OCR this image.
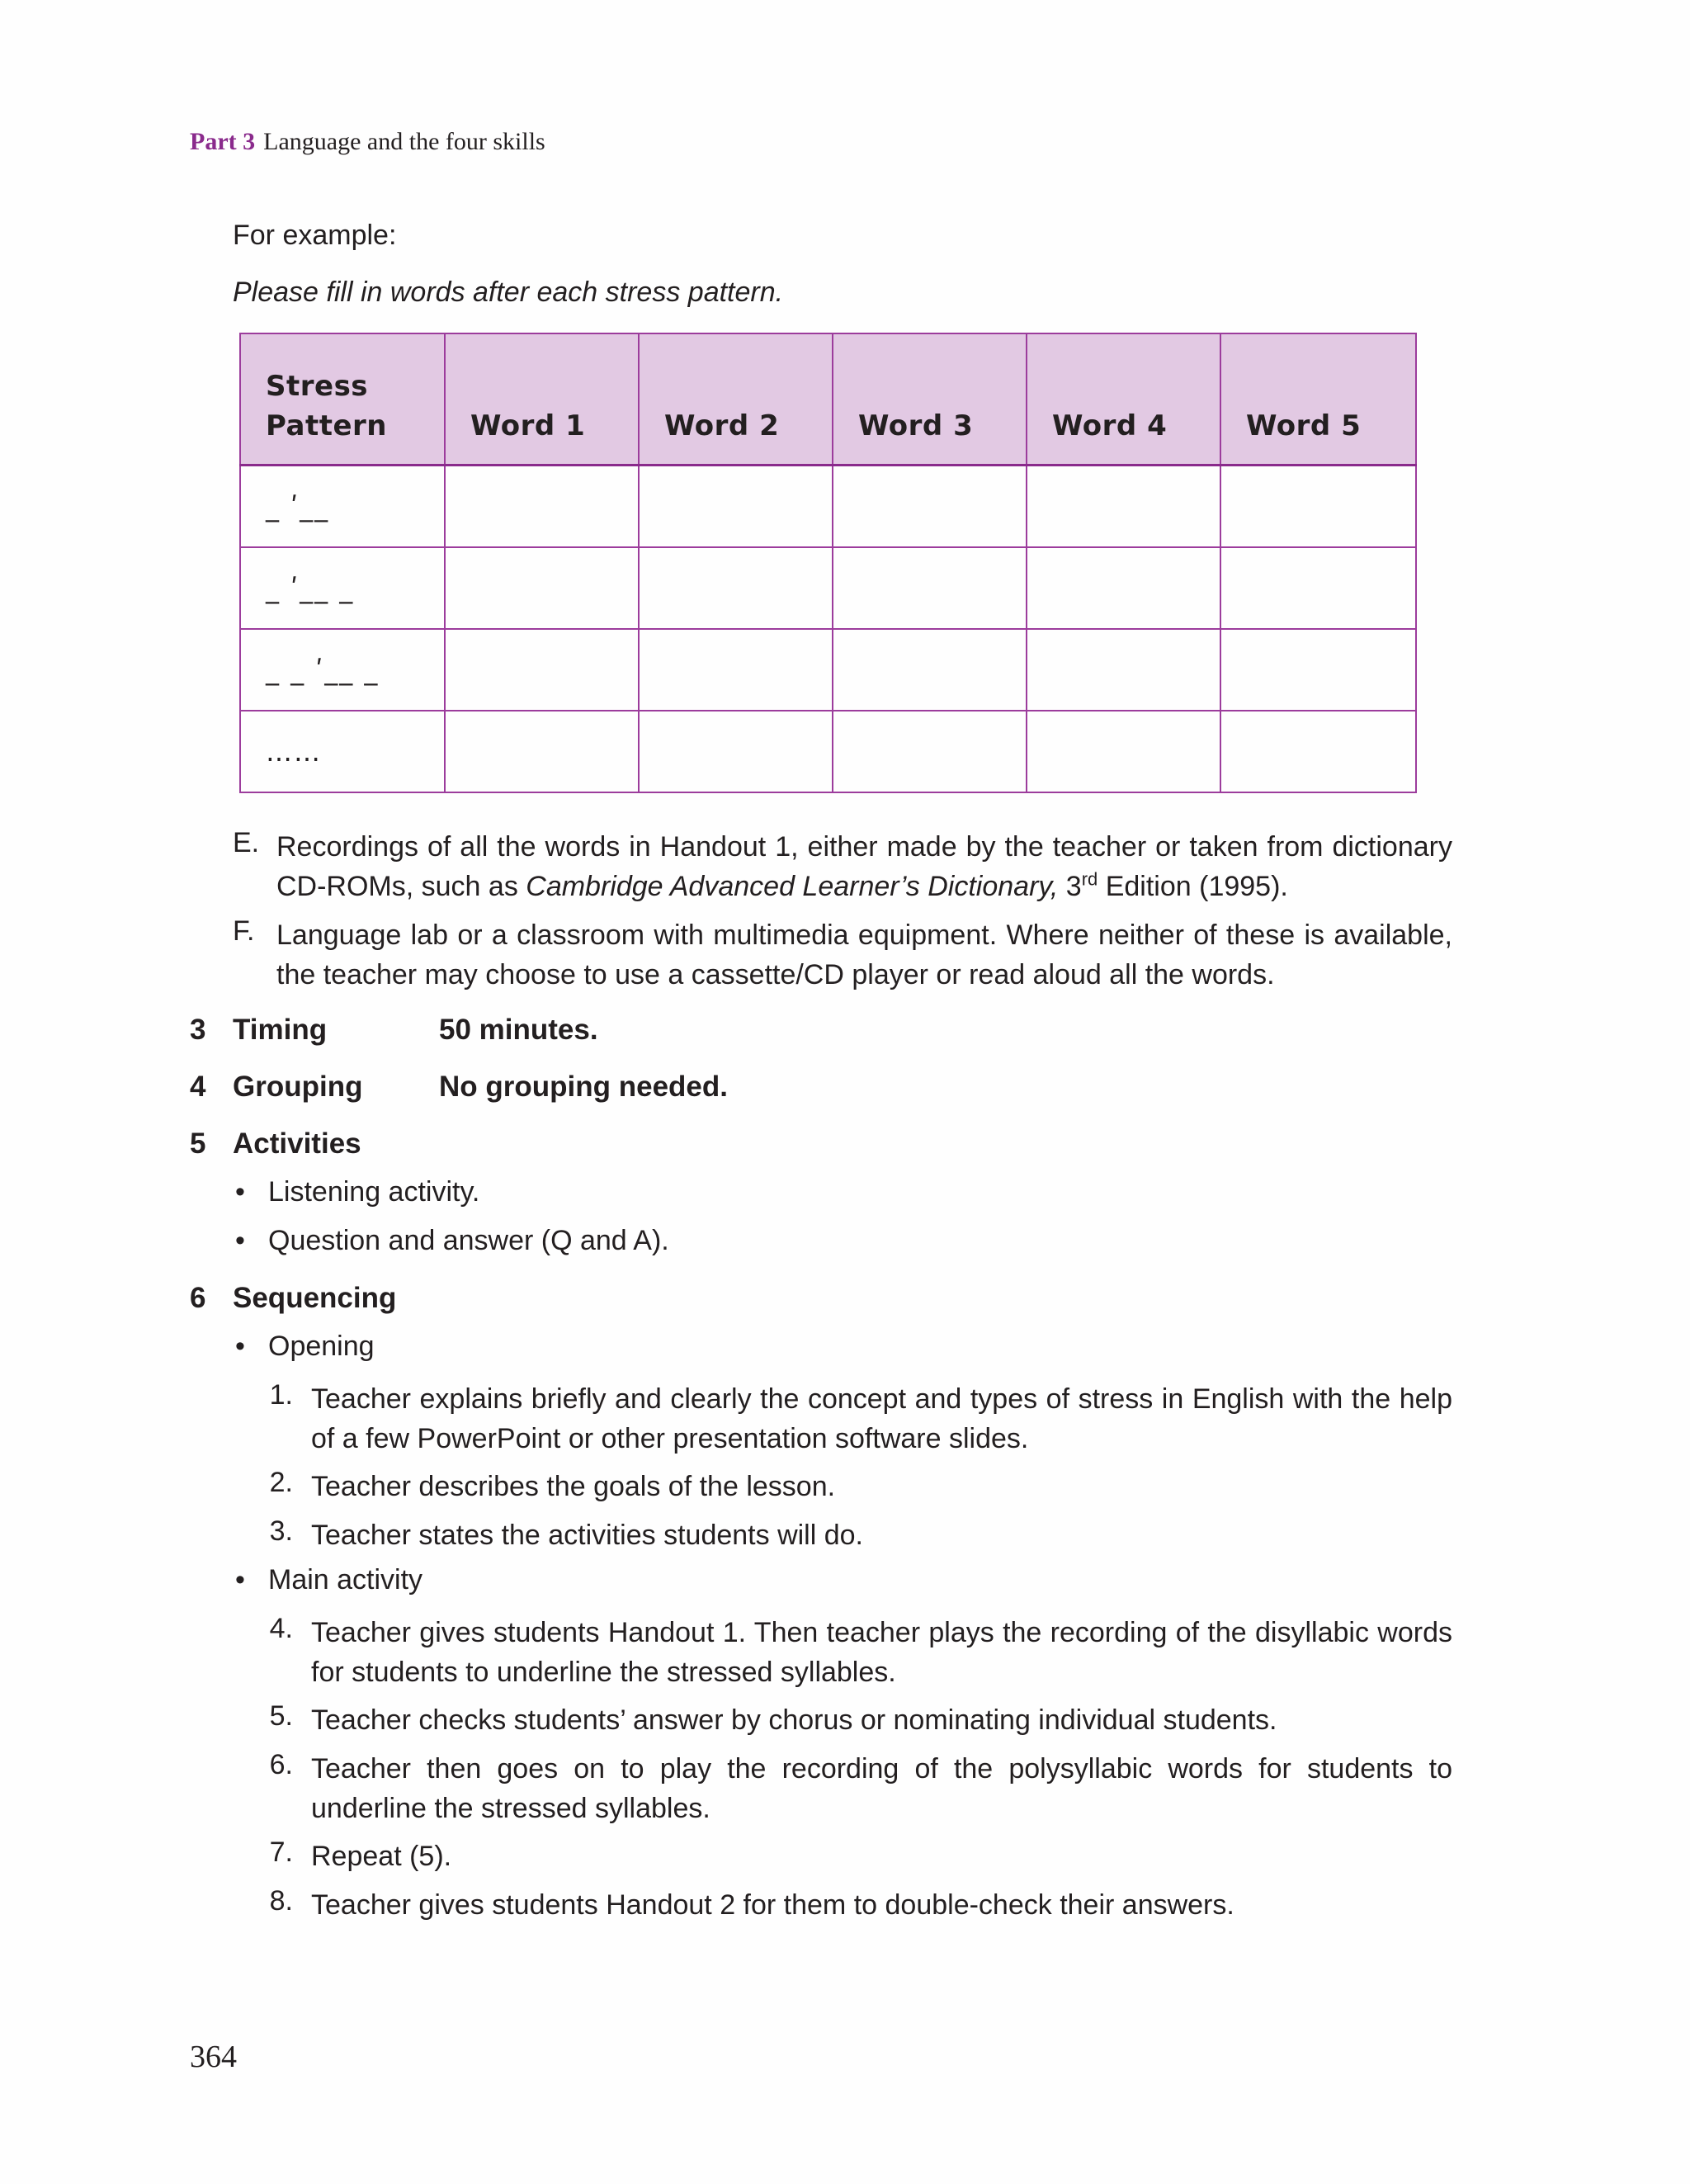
Part 3 Language and the four skills
For example:
Please fill in words after each stress pattern.
Stress Pattern	Word 1	Word 2	Word 3	Word 4	Word 5
_ ʹ__					
_ ʹ__ _					
_ _ ʹ__ _					
……					
E. Recordings of all the words in Handout 1, either made by the teacher or taken from dictionary CD-ROMs, such as Cambridge Advanced Learner’s Dictionary, 3rd Edition (1995).
F. Language lab or a classroom with multimedia equipment. Where neither of these is available, the teacher may choose to use a cassette/CD player or read aloud all the words.
3 Timing	50 minutes.
4 Grouping	No grouping needed.
5 Activities
• Listening activity.
• Question and answer (Q and A).
6 Sequencing
• Opening
1. Teacher explains briefly and clearly the concept and types of stress in English with the help of a few PowerPoint or other presentation software slides.
2. Teacher describes the goals of the lesson.
3. Teacher states the activities students will do.
• Main activity
4. Teacher gives students Handout 1. Then teacher plays the recording of the disyllabic words for students to underline the stressed syllables.
5. Teacher checks students’ answer by chorus or nominating individual students.
6. Teacher then goes on to play the recording of the polysyllabic words for students to underline the stressed syllables.
7. Repeat (5).
8. Teacher gives students Handout 2 for them to double-check their answers.
364
